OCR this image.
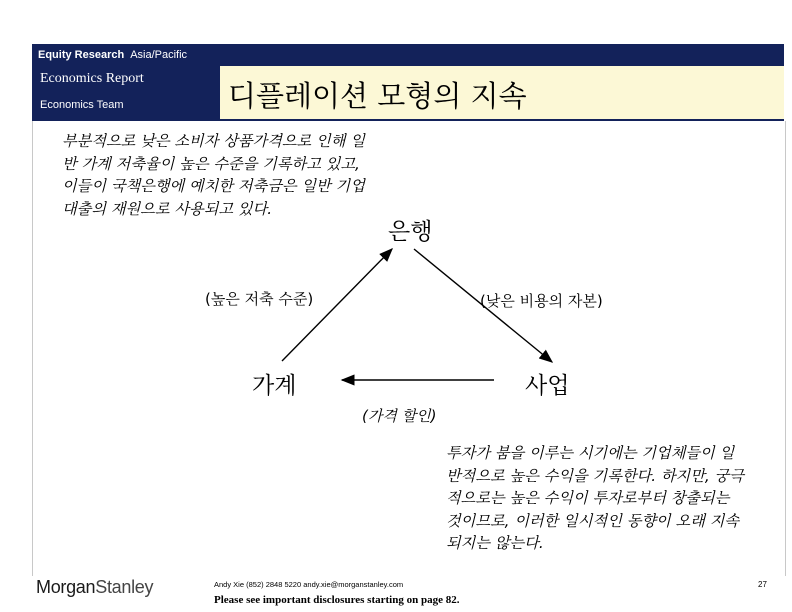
Equity Research Asia/Pacific
Economics Report
Economics Team	디플레이션 모형의 지속

부분적으로 낮은 소비자 상품가격으로 인해 일반 가계 저축율이 높은 수준을 기록하고 있고, 이들이 국책은행에 예치한 저축금은 일반 기업 대출의 재원으로 사용되고 있다.

은행
가계	사업
(높은 저축 수준)	(낮은 비용의 자본)
(가격 할인)

투자가 붐을 이루는 시기에는 기업체들이 일반적으로 높은 수익을 기록한다. 하지만, 궁극적으로는 높은 수익이 투자로부터 창출되는 것이므로, 이러한 일시적인 동향이 오래 지속되지는 않는다.

MorganStanley	Andy Xie (852) 2848 5220 andy.xie@morganstanley.com
Please see important disclosures starting on page 82.
27
